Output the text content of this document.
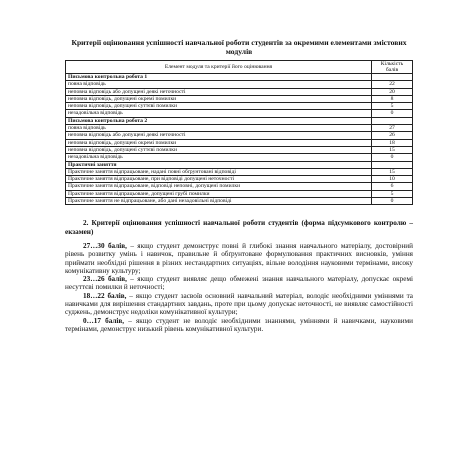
Критерії оцінювання успішності навчальної роботи студентів за окремими елементами змістових модулів
Елемент модуля та критерії його оцінювання	Кількість балів
Письмова контрольна робота 1	
повна відповідь	22
неповна відповідь або допущені деякі неточності	20
неповна відповідь, допущені окремі помилки	8
неповна відповідь, допущені суттєві помилки	5
незадовільна відповідь	0
Письмова контрольна робота 2	
повна відповідь	27
неповна відповідь або допущені деякі неточності	26
неповна відповідь, допущені окремі помилки	18
неповна відповідь, допущені суттєві помилки	15
незадовільна відповідь	0
Практичні заняття	
Практичне заняття відпрацьоване, надані повні обґрунтовані відповіді	15
Практичне заняття відпрацьоване, при відповіді допущені неточності	10
Практичне заняття відпрацьоване, відповіді неповні, допущені помилки	6
Практичне заняття відпрацьоване, допущені грубі помилки	5
Практичне заняття не відпрацьоване, або дані незадовільні відповіді	0

2. Критерії оцінювання успішності навчальної роботи студентів (форма підсумкового контролю –екзамен)

27…30 балів, – якщо студент демонструє повні й глибокі знання навчального матеріалу, достовірний рівень розвитку умінь і навичок, правильне й обґрунтоване формулювання практичних висновків, уміння приймати необхідні рішення в різних нестандартних ситуаціях, вільне володіння науковими термінами, високу комунікативну культуру;

23…26 балів, – якщо студент виявляє дещо обмежені знання навчального матеріалу, допускає окремі несуттєві помилки й неточності;

18…22 балів, – якщо студент засвоїв основний навчальний матеріал, володіє необхідними уміннями та навичками для вирішення стандартних завдань, проте при цьому допускає неточності, не виявляє самостійності суджень, демонструє недоліки комунікативної культури;

0…17 балів, – якщо студент не володіє необхідними знаннями, уміннями й навичками, науковими термінами, демонструє низький рівень комунікативної культури.
